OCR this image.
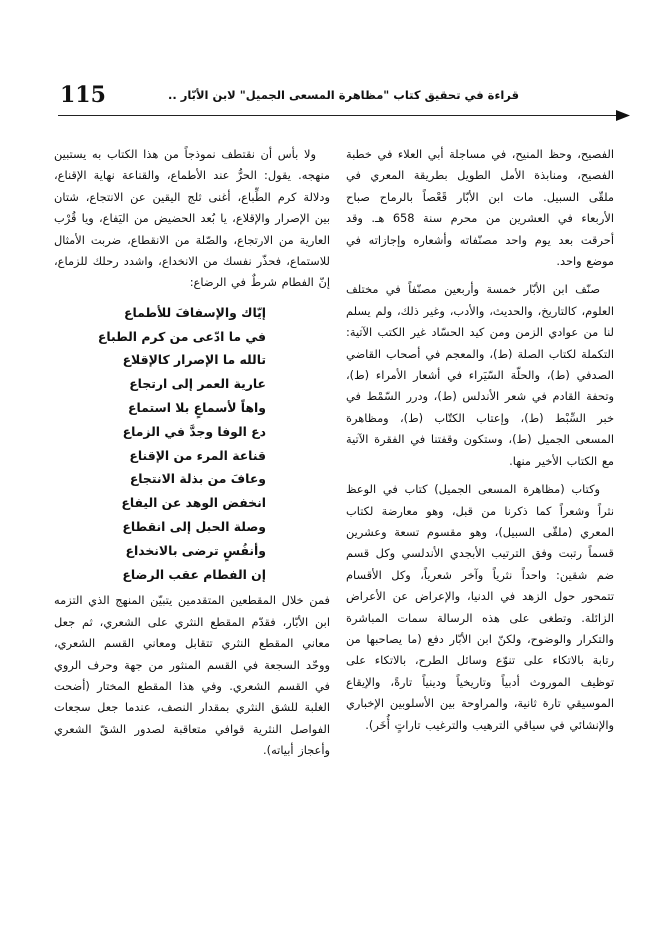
115	قراءة في تحقيق كتاب "مظاهرة المسعى الجميل" لابن الأبّار ..

الفصيح، وحظ المنيح، في مساجلة أبي العلاء في خطبة الفصيح، ومنابذة الأمل الطويل بطريقة المعري في ملقّى السبيل. مات ابن الأبّار قَعْصاً بالرماح صباح الأربعاء في العشرين من محرم سنة 658 هـ. وقد أحرقت بعد يوم واحد مصنّفاته وأشعاره وإجازاته في موضع واحد.

صنّف ابن الأبّار خمسة وأربعين مصنّفاً في مختلف العلوم، كالتاريخ، والحديث، والأدب، وغير ذلك، ولم يسلم لنا من عوادي الزمن ومن كيد الحسّاد غير الكتب الآتية: التكملة لكتاب الصلة (ط)، والمعجم في أصحاب القاضي الصدفي (ط)، والحلّة السّيَراء في أشعار الأمراء (ط)، وتحفة القادم في شعر الأندلس (ط)، ودرر السّمْط في خبر السِّبْط (ط)، وإعتاب الكتّاب (ط)، ومظاهرة المسعى الجميل (ط)، وستكون وقفتنا في الفقرة الآتية مع الكتاب الأخير منها.

وكتاب (مظاهرة المسعى الجميل) كتاب في الوعظ نثراً وشعراً كما ذكرنا من قبل، وهو معارضة لكتاب المعري (ملقّى السبيل)، وهو مقسوم تسعة وعشرين قسماً رتبت وفق الترتيب الأبجدي الأندلسي وكل قسم ضم شقين: واحداً نثرياً وآخر شعرياً، وكل الأقسام تتمحور حول الزهد في الدنيا، والإعراض عن الأعراض الزائلة. وتطغى على هذه الرسالة سمات المباشرة والتكرار والوضوح، ولكنّ ابن الأبّار دفع (ما يصاحبها من رتابة بالاتكاء على تنوّع وسائل الطرح، بالاتكاء على توظيف الموروث أدبياً وتاريخياً ودينياً تارةً، والإيقاع الموسيقي تارة ثانية، والمراوحة بين الأسلوبين الإخباري والإنشائي في سياقي الترهيب والترغيب تاراتٍ أُخَر).

ولا بأس أن نقتطف نموذجاً من هذا الكتاب به يستبين منهجه. يقول: الحرُّ عند الأطماع، والقناعة نهاية الإقناع، ودلالة كرم الطِّباع، أغنى ثلج اليقين عن الانتجاع، شتان بين الإصرار والإقلاع، يا بُعد الحضيض من اليَفاع، ويا قُرْب العارية من الارتجاع، والصّلة من الانقطاع، ضربت الأمثال للاستماع، فحذّر نفسك من الانخداع، واشدد رحلك للزماع، إنّ الفطام شرطٌ في الرضاع:

إيّاك والإسفافَ للأطماع
في ما ادّعى من كرم الطباع
تالله ما الإصرار كالإقلاع
عارية العمر إلى ارتجاع
واهاً لأسماعٍ بلا استماع
دع الوفا وجدَّ في الزماع
قناعة المرء من الإقناع
وعافَ من بذلة الانتجاع
انخفض الوهد عن اليفاع
وصلة الحبل إلى انقطاع
وأنفُسٍ ترضى بالانخداع
إن الفطام عقب الرضاع

فمن خلال المقطعين المتقدمين يتبيّن المنهج الذي التزمه ابن الأبّار، فقدّم المقطع النثري على الشعري، ثم جعل معاني المقطع النثري تتقابل ومعاني القسم الشعري، ووحّد السجعة في القسم المنثور من جهة وحرف الروي في القسم الشعري. وفي هذا المقطع المختار (أضحت الغلبة للشق النثري بمقدار النصف، عندما جعل سجعات الفواصل النثرية قوافي متعاقبة لصدور الشقّ الشعري وأعجاز أبياته).
